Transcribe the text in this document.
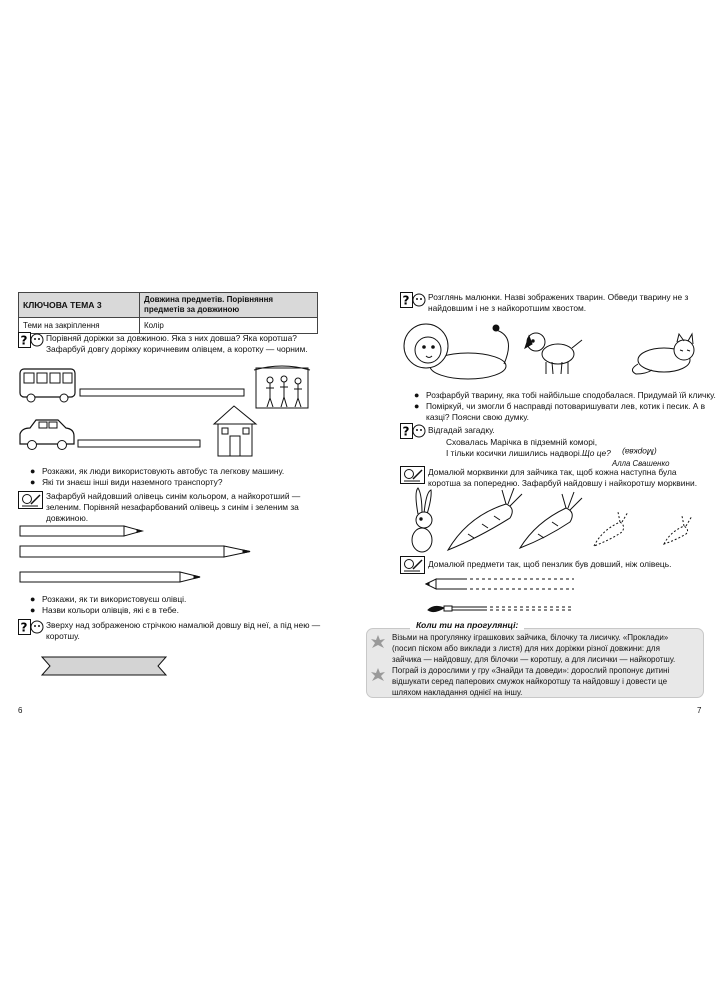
КЛЮЧОВА ТЕМА 3	Довжина предметів. Порівняння предметів за довжиною
Теми на закріплення	Колір
? Порівняй доріжки за довжиною. Яка з них довша? Яка коротша?
Зафарбуй довгу доріжку коричневим олівцем, а коротку — чорним.
● Розкажи, як люди використовують автобус та легкову машину.
● Які ти знаєш інші види наземного транспорту?
Зафарбуй найдовший олівець синім кольором, а найкоротший —
зеленим. Порівняй незафарбований олівець з синім і зеленим за
довжиною.
● Розкажи, як ти використовуєш олівці.
● Назви кольори олівців, які є в тебе.
? Зверху над зображеною стрічкою намалюй довшу від неї, а під нею —
коротшу.
6
? Розглянь малюнки. Назві зображених тварин. Обведи тварину не з
найдовшим і не з найкоротшим хвостом.
● Розфарбуй тварину, яка тобі найбільше сподобалася. Придумай їй кличку.
● Поміркуй, чи змогли б насправді потоваришувати лев, котик і песик. А в
казці? Поясни свою думку.
? Відгадай загадку.
Сховалась Марічка в підземній коморі,
І тільки косички лишились надворі. Що це? (Морква)
Алла Свашенко
Домалюй морквинки для зайчика так, щоб кожна наступна була
коротша за попередню. Зафарбуй найдовшу і найкоротшу морквини.
Домалюй предмети так, щоб пензлик був довший, ніж олівець.
Коли ти на прогулянці:
Візьми на прогулянку іграшкових зайчика, білочку та лисичку. «Проклади»
(посип піском або виклади з листя) для них доріжки різної довжини: для
зайчика — найдовшу, для білочки — коротшу, а для лисички — найкоротшу.
Пограй із дорослими у гру «Знайди та доведи»: дорослий пропонує дитині
відшукати серед паперових смужок найкоротшу та найдовшу і довести це
шляхом накладання однієї на іншу.
7
